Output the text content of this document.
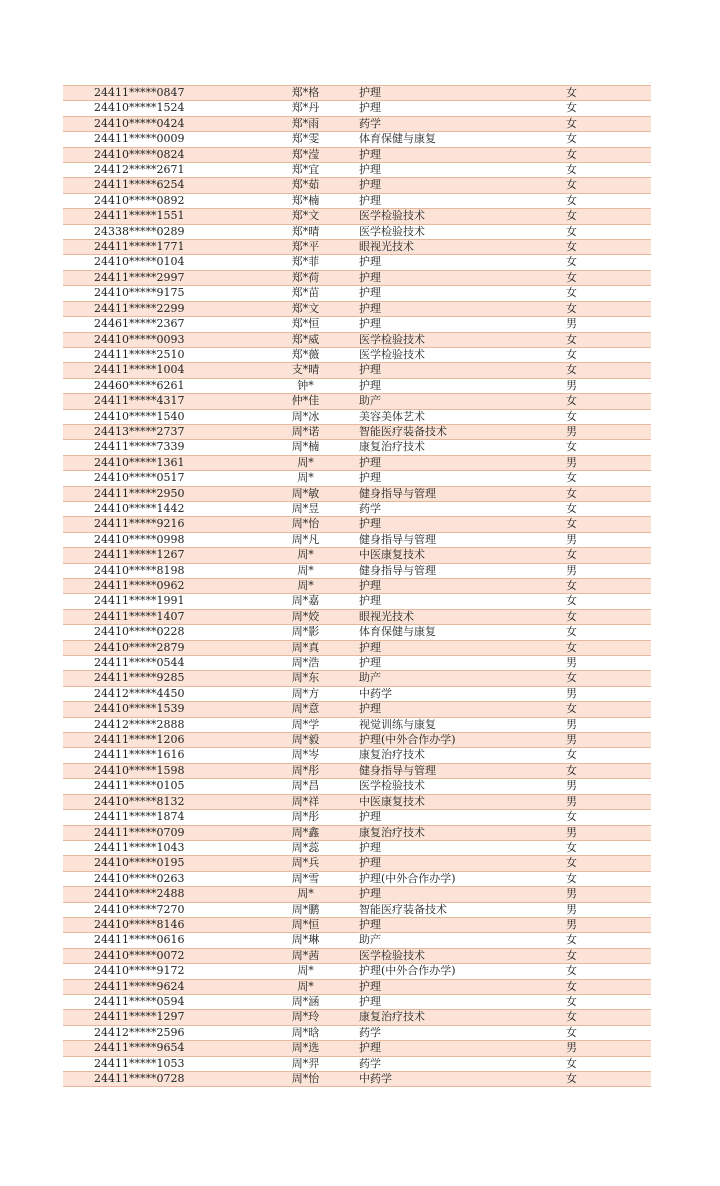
24411*****0847	郑*格	护理	女
24410*****1524	郑*丹	护理	女
24410*****0424	郑*雨	药学	女
24411*****0009	郑*雯	体育保健与康复	女
24410*****0824	郑*滢	护理	女
24412*****2671	郑*宜	护理	女
24411*****6254	郑*茹	护理	女
24410*****0892	郑*楠	护理	女
24411*****1551	郑*文	医学检验技术	女
24338*****0289	郑*晴	医学检验技术	女
24411*****1771	郑*平	眼视光技术	女
24410*****0104	郑*菲	护理	女
24411*****2997	郑*荷	护理	女
24410*****9175	郑*苗	护理	女
24411*****2299	郑*文	护理	女
24461*****2367	郑*恒	护理	男
24410*****0093	郑*威	医学检验技术	女
24411*****2510	郑*薇	医学检验技术	女
24411*****1004	支*晴	护理	女
24460*****6261	钟*	护理	男
24411*****4317	仲*佳	助产	女
24410*****1540	周*冰	美容美体艺术	女
24413*****2737	周*诺	智能医疗装备技术	男
24411*****7339	周*楠	康复治疗技术	女
24410*****1361	周*	护理	男
24410*****0517	周*	护理	女
24411*****2950	周*敏	健身指导与管理	女
24410*****1442	周*昱	药学	女
24411*****9216	周*怡	护理	女
24410*****0998	周*凡	健身指导与管理	男
24411*****1267	周*	中医康复技术	女
24410*****8198	周*	健身指导与管理	男
24411*****0962	周*	护理	女
24411*****1991	周*嘉	护理	女
24411*****1407	周*姣	眼视光技术	女
24410*****0228	周*影	体育保健与康复	女
24410*****2879	周*真	护理	女
24411*****0544	周*浩	护理	男
24411*****9285	周*东	助产	女
24412*****4450	周*方	中药学	男
24410*****1539	周*意	护理	女
24412*****2888	周*学	视觉训练与康复	男
24411*****1206	周*毅	护理(中外合作办学)	男
24411*****1616	周*岑	康复治疗技术	女
24410*****1598	周*彤	健身指导与管理	女
24411*****0105	周*昌	医学检验技术	男
24410*****8132	周*祥	中医康复技术	男
24411*****1874	周*彤	护理	女
24411*****0709	周*鑫	康复治疗技术	男
24411*****1043	周*蕊	护理	女
24410*****0195	周*兵	护理	女
24410*****0263	周*雪	护理(中外合作办学)	女
24410*****2488	周*	护理	男
24410*****7270	周*鹏	智能医疗装备技术	男
24410*****8146	周*恒	护理	男
24411*****0616	周*琳	助产	女
24410*****0072	周*茜	医学检验技术	女
24410*****9172	周*	护理(中外合作办学)	女
24411*****9624	周*	护理	女
24411*****0594	周*涵	护理	女
24411*****1297	周*玲	康复治疗技术	女
24412*****2596	周*晗	药学	女
24411*****9654	周*选	护理	男
24411*****1053	周*羿	药学	女
24411*****0728	周*怡	中药学	女
